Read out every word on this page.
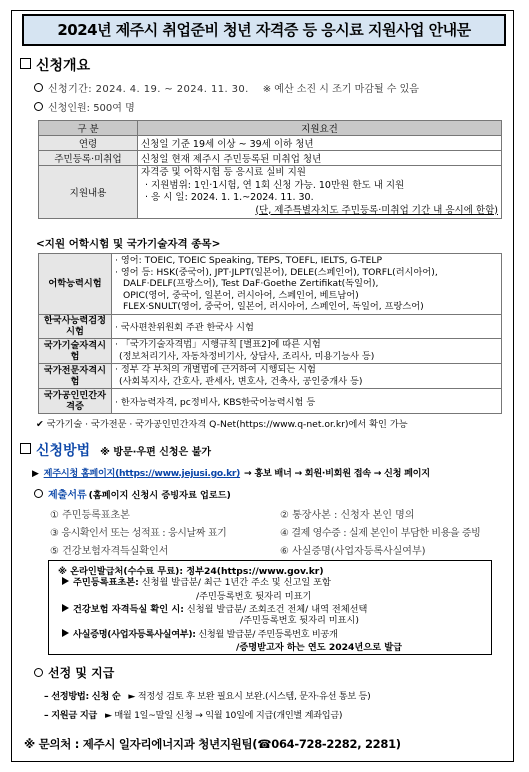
2024년 제주시 취업준비 청년 자격증 등 응시료 지원사업 안내문
신청개요
신청기간: 2024. 4. 19. ~ 2024. 11. 30. ※ 예산 소진 시 조기 마감될 수 있음
신청인원: 500여 명
구 분	지원요건
연령	신청일 기준 19세 이상 ~ 39세 이하 청년
주민등록·미취업	신청일 현재 제주시 주민등록된 미취업 청년
지원내용	자격증 및 어학시험 등 응시료 실비 지원
· 지원범위: 1인·1시험, 연 1회 신청 가능. 10만원 한도 내 지원
· 응 시 일: 2024. 1. 1.~2024. 11. 30.
(단, 제주특별자치도 주민등록·미취업 기간 내 응시에 한함)
<지원 어학시험 및 국가기술자격 종목>
어학능력시험	· 영어: TOEIC, TOEIC Speaking, TEPS, TOEFL, IELTS, G-TELP
· 영어 등: HSK(중국어), JPT·JLPT(일본어), DELE(스페인어), TORFL(러시아어),
DALF·DELF(프랑스어), Test DaF·Goethe Zertifikat(독일어),
OPIC(영어, 중국어, 일본어, 러시아어, 스페인어, 베트남어)
FLEX·SNULT(영어, 중국어, 일본어, 러시아어, 스페인어, 독일어, 프랑스어)

한국사능력검정시험	· 국사편찬위원회 주관 한국사 시험
국가기술자격시험	· 「국가기술자격법」시행규칙 [별표2]에 따른 시험
(정보처리기사, 자동차정비기사, 상담사, 조리사, 미용기능사 등)

국가전문자격시험	· 정부 각 부처의 개별법에 근거하여 시행되는 시험
(사회복지사, 간호사, 관세사, 변호사, 건축사, 공인중개사 등)

국가공인민간자격증	· 한자능력자격, pc정비사, KBS한국어능력시험 등
✔ 국가기술 · 국가전문 · 국가공인민간자격 Q-Net(https://www.q-net.or.kr)에서 확인 가능
신청방법 ※ 방문·우편 신청은 불가
▶ 제주시청 홈페이지(https://www.jejusi.go.kr) → 홍보 배너 → 회원·비회원 접속 → 신청 페이지
제출서류 (홈페이지 신청시 증빙자료 업로드)
① 주민등록표초본	② 통장사본 : 신청자 본인 명의
③ 응시확인서 또는 성적표 : 응시날짜 표기	④ 결제 영수증 : 실제 본인이 부담한 비용을 증빙
⑤ 건강보험자격득실확인서	⑥ 사실증명(사업자등록사실여부)
※ 온라인발급처(수수료 무료): 정부24(https://www.gov.kr)
주민등록표초본: 신청월 발급분/ 최근 1년간 주소 및 신고일 포함
/주민등록번호 뒷자리 미표기
건강보험 자격득실 확인 시: 신청월 발급분/ 조회조건 전체/ 내역 전체선택
/주민등록번호 뒷자리 미표시)
사실증명(사업자등록사실여부): 신청월 발급분/ 주민등록번호 비공개
/증명받고자 하는 연도 2024년으로 발급
선정 및 지급
– 선정방법: 신청 순 ► 적정성 검토 후 보완 필요시 보완.(시스템, 문자·유선 통보 등)
– 지원금 지급 ► 매월 1일~말일 신청 → 익월 10일에 지급(개인별 계좌입금)
※ 문의처 : 제주시 일자리에너지과 청년지원팀(☎064-728-2282, 2281)
